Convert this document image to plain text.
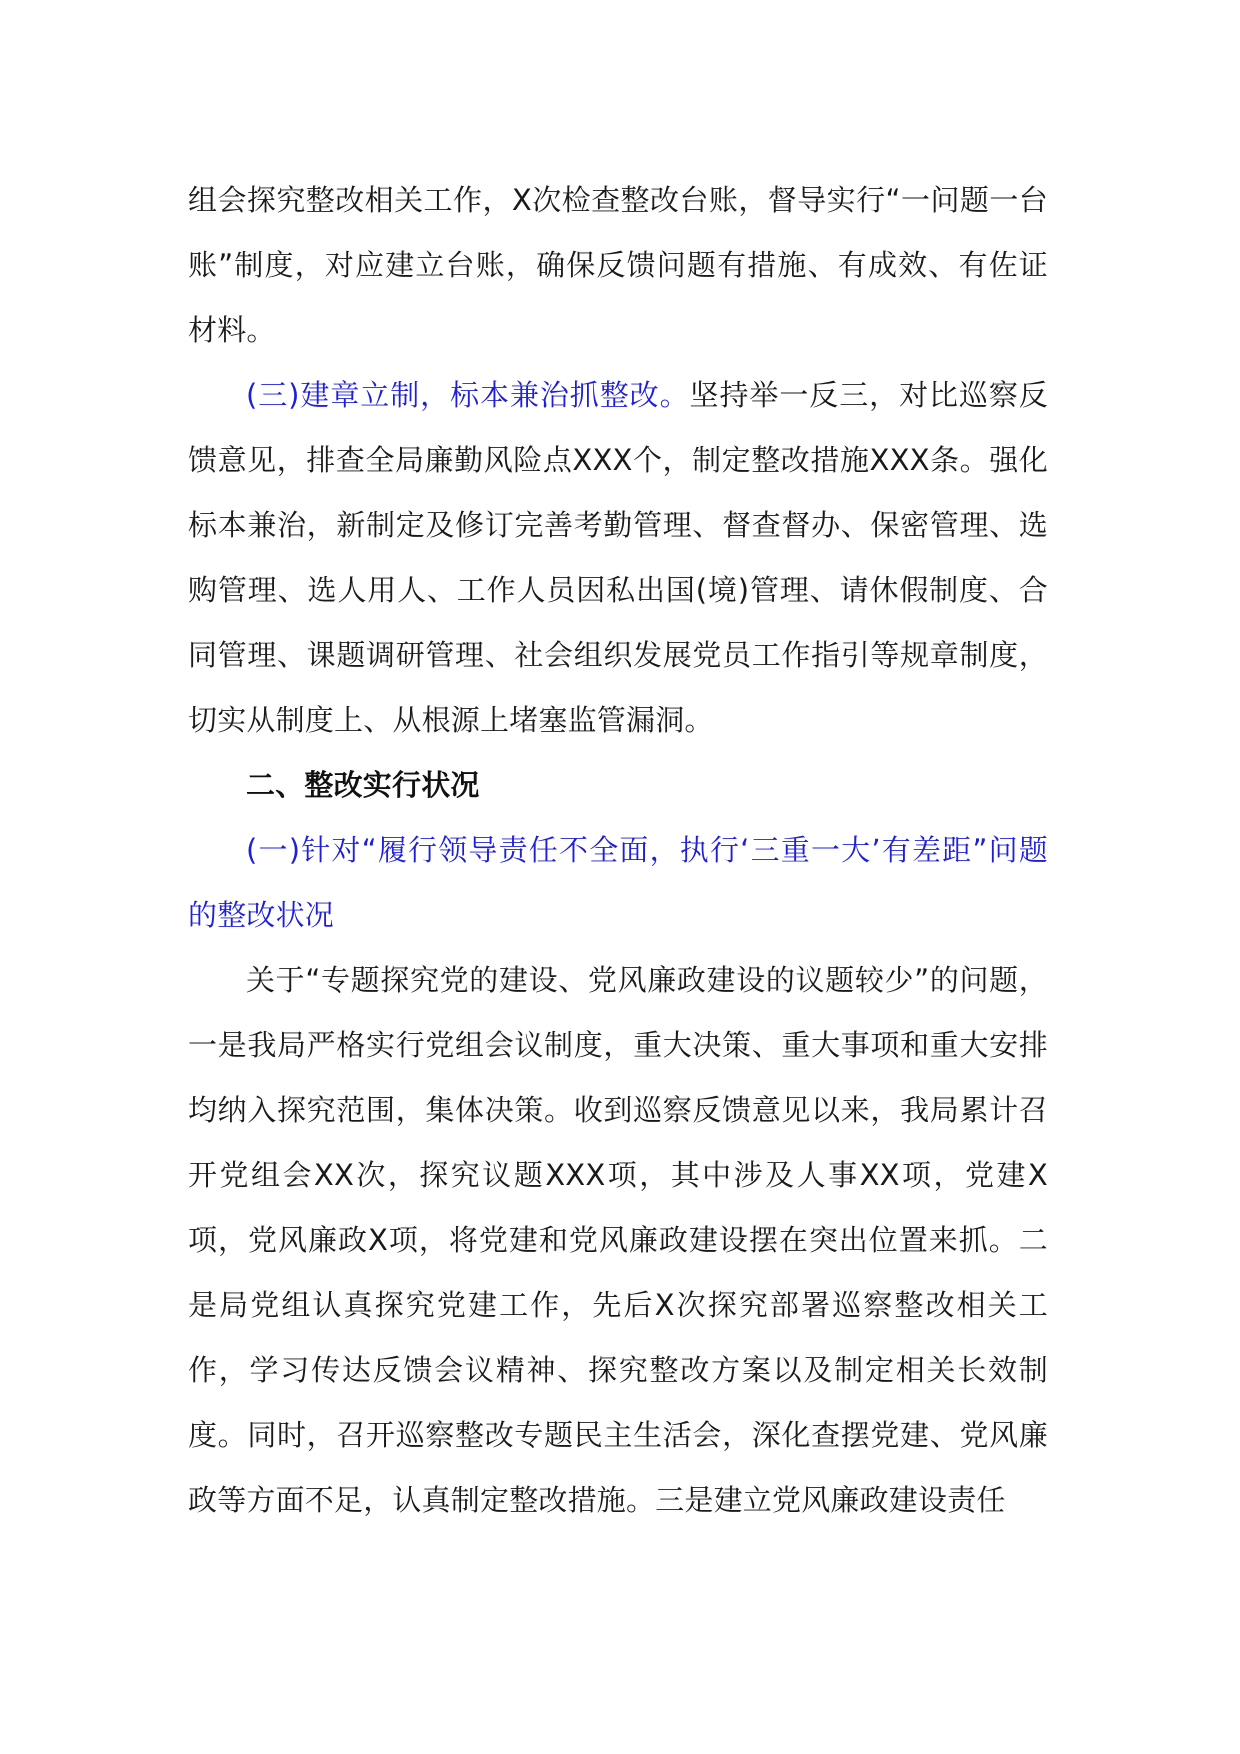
组会探究整改相关工作，X次检查整改台账，督导实行“一问题一台账”制度，对应建立台账，确保反馈问题有措施、有成效、有佐证材料。

(三)建章立制，标本兼治抓整改。坚持举一反三，对比巡察反馈意见，排查全局廉勤风险点XXX个，制定整改措施XXX条。强化标本兼治，新制定及修订完善考勤管理、督查督办、保密管理、选购管理、选人用人、工作人员因私出国(境)管理、请休假制度、合同管理、课题调研管理、社会组织发展党员工作指引等规章制度，切实从制度上、从根源上堵塞监管漏洞。

二、整改实行状况

(一)针对“履行领导责任不全面，执行‘三重一大’有差距”问题的整改状况

关于“专题探究党的建设、党风廉政建设的议题较少”的问题，一是我局严格实行党组会议制度，重大决策、重大事项和重大安排均纳入探究范围，集体决策。收到巡察反馈意见以来，我局累计召开党组会XX次，探究议题XXX项，其中涉及人事XX项，党建X项，党风廉政X项，将党建和党风廉政建设摆在突出位置来抓。二是局党组认真探究党建工作，先后X次探究部署巡察整改相关工作，学习传达反馈会议精神、探究整改方案以及制定相关长效制度。同时，召开巡察整改专题民主生活会，深化查摆党建、党风廉政等方面不足，认真制定整改措施。三是建立党风廉政建设责任
